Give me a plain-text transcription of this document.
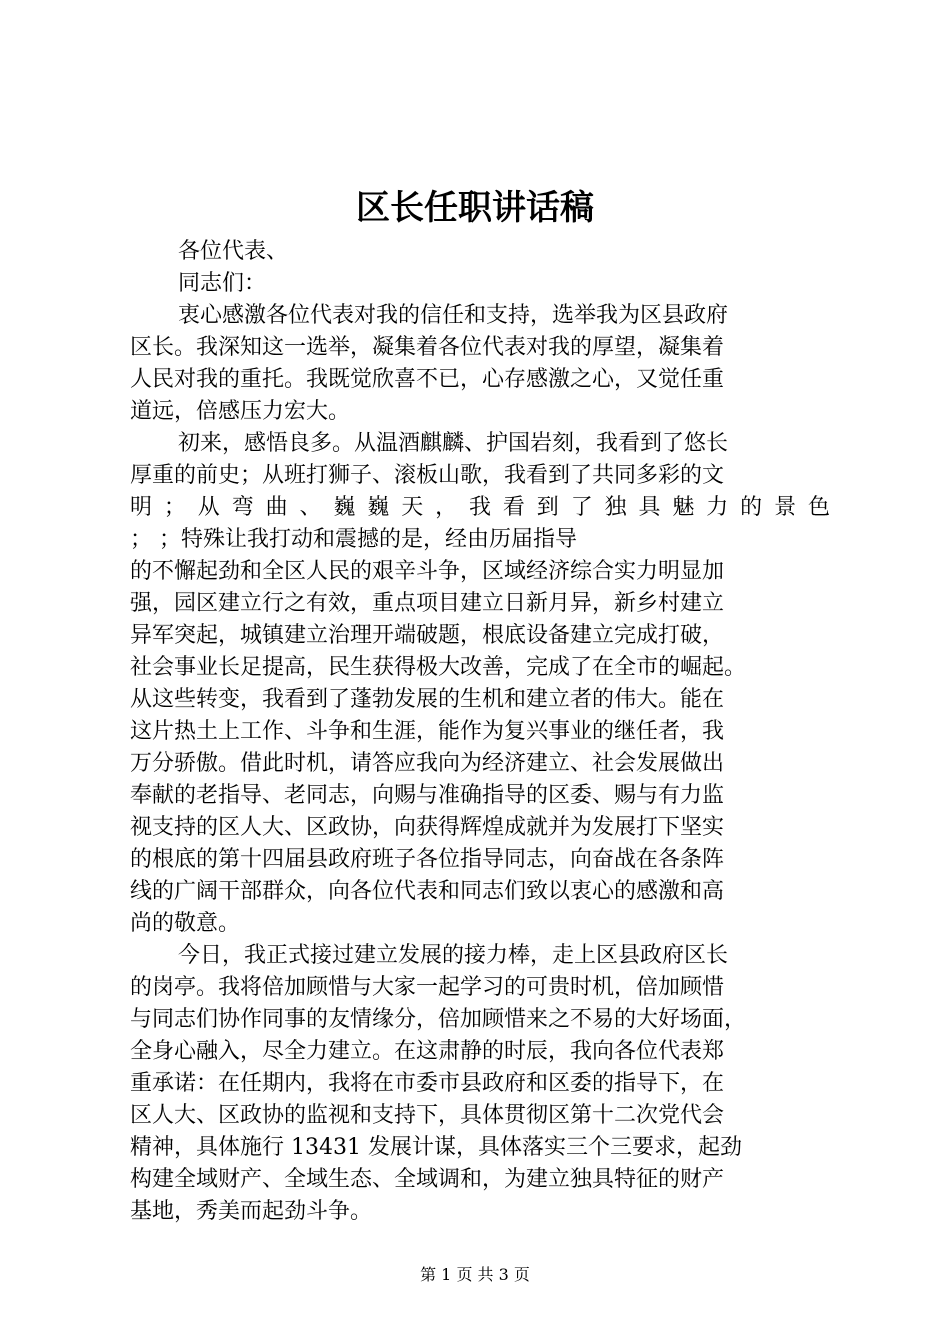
区长任职讲话稿
各位代表、
同志们：
衷心感激各位代表对我的信任和支持，选举我为区县政府
区长。我深知这一选举，凝集着各位代表对我的厚望，凝集着
人民对我的重托。我既觉欣喜不已，心存感激之心，又觉任重
道远，倍感压力宏大。
初来，感悟良多。从温酒麒麟、护国岩刻，我看到了悠长
厚重的前史；从班打狮子、滚板山歌，我看到了共同多彩的文
明；从弯曲、巍巍天，我看到了独具魅力的景色
； ；特殊让我打动和震撼的是，经由历届指导
的不懈起劲和全区人民的艰辛斗争，区域经济综合实力明显加
强，园区建立行之有效，重点项目建立日新月异，新乡村建立
异军突起，城镇建立治理开端破题，根底设备建立完成打破，
社会事业长足提高，民生获得极大改善，完成了在全市的崛起。
从这些转变，我看到了蓬勃发展的生机和建立者的伟大。能在
这片热土上工作、斗争和生涯，能作为复兴事业的继任者，我
万分骄傲。借此时机，请答应我向为经济建立、社会发展做出
奉献的老指导、老同志，向赐与准确指导的区委、赐与有力监
视支持的区人大、区政协，向获得辉煌成就并为发展打下坚实
的根底的第十四届县政府班子各位指导同志，向奋战在各条阵
线的广阔干部群众，向各位代表和同志们致以衷心的感激和高
尚的敬意。
今日，我正式接过建立发展的接力棒，走上区县政府区长
的岗亭。我将倍加顾惜与大家一起学习的可贵时机，倍加顾惜
与同志们协作同事的友情缘分，倍加顾惜来之不易的大好场面，
全身心融入，尽全力建立。在这肃静的时辰，我向各位代表郑
重承诺：在任期内，我将在市委市县政府和区委的指导下，在
区人大、区政协的监视和支持下，具体贯彻区第十二次党代会
精神，具体施行 13431 发展计谋，具体落实三个三要求，起劲
构建全域财产、全域生态、全域调和，为建立独具特征的财产
基地，秀美而起劲斗争。
第 1 页 共 3 页
